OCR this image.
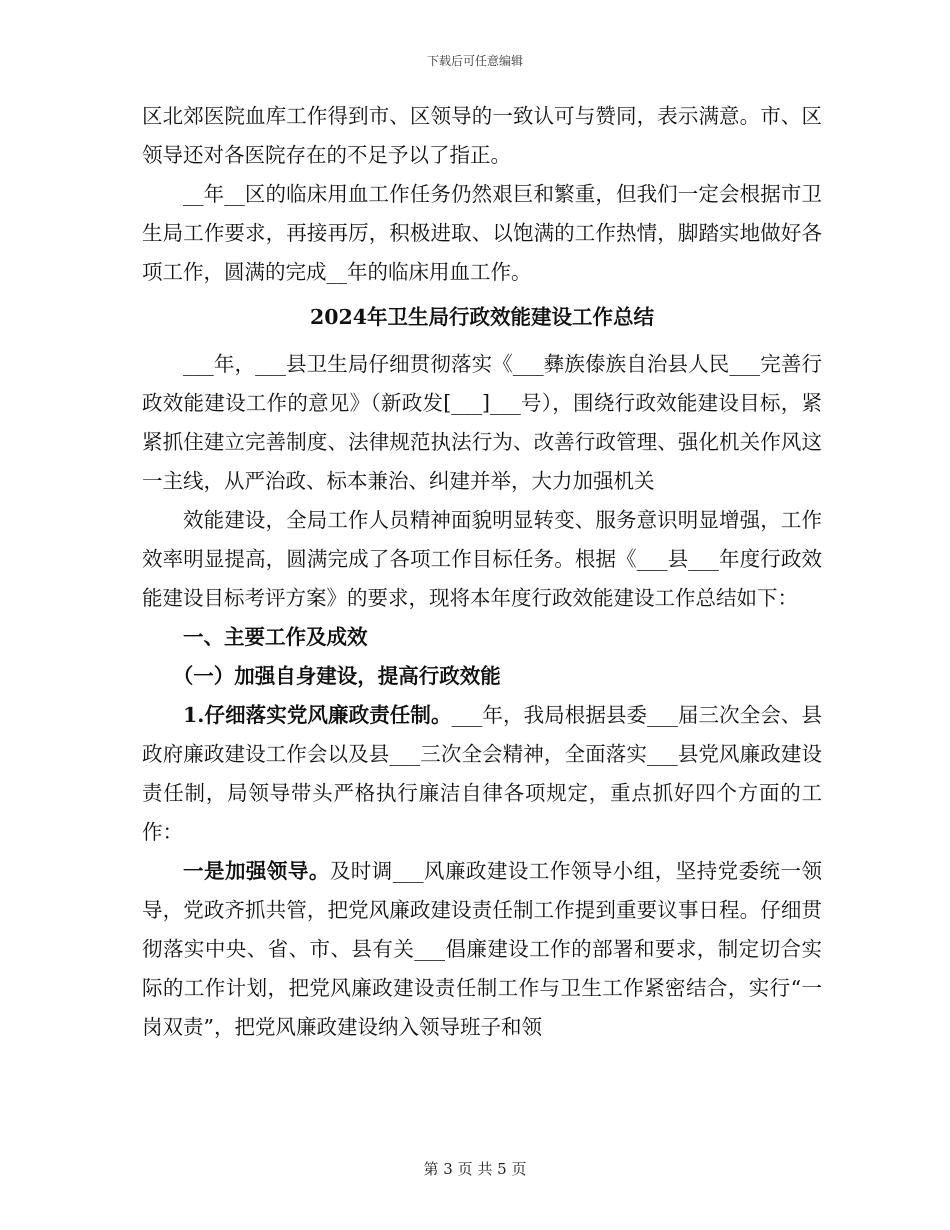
下载后可任意编辑

区北郊医院血库工作得到市、区领导的一致认可与赞同，表示满意。市、区领导还对各医院存在的不足予以了指正。

__年__区的临床用血工作任务仍然艰巨和繁重，但我们一定会根据市卫生局工作要求，再接再厉，积极进取、以饱满的工作热情，脚踏实地做好各项工作，圆满的完成__年的临床用血工作。

2024年卫生局行政效能建设工作总结

___年，___县卫生局仔细贯彻落实《___彝族傣族自治县人民___完善行政效能建设工作的意见》（新政发[___]___号），围绕行政效能建设目标，紧紧抓住建立完善制度、法律规范执法行为、改善行政管理、强化机关作风这一主线，从严治政、标本兼治、纠建并举，大力加强机关

效能建设，全局工作人员精神面貌明显转变、服务意识明显增强，工作效率明显提高，圆满完成了各项工作目标任务。根据《___县___年度行政效能建设目标考评方案》的要求，现将本年度行政效能建设工作总结如下：

一、主要工作及成效

（一）加强自身建设，提高行政效能

1.仔细落实党风廉政责任制。___年，我局根据县委___届三次全会、县政府廉政建设工作会以及县___三次全会精神，全面落实___县党风廉政建设责任制，局领导带头严格执行廉洁自律各项规定，重点抓好四个方面的工作：

一是加强领导。及时调___风廉政建设工作领导小组，坚持党委统一领导，党政齐抓共管，把党风廉政建设责任制工作提到重要议事日程。仔细贯彻落实中央、省、市、县有关___倡廉建设工作的部署和要求，制定切合实际的工作计划，把党风廉政建设责任制工作与卫生工作紧密结合，实行“一岗双责”，把党风廉政建设纳入领导班子和领

第 3 页 共 5 页
